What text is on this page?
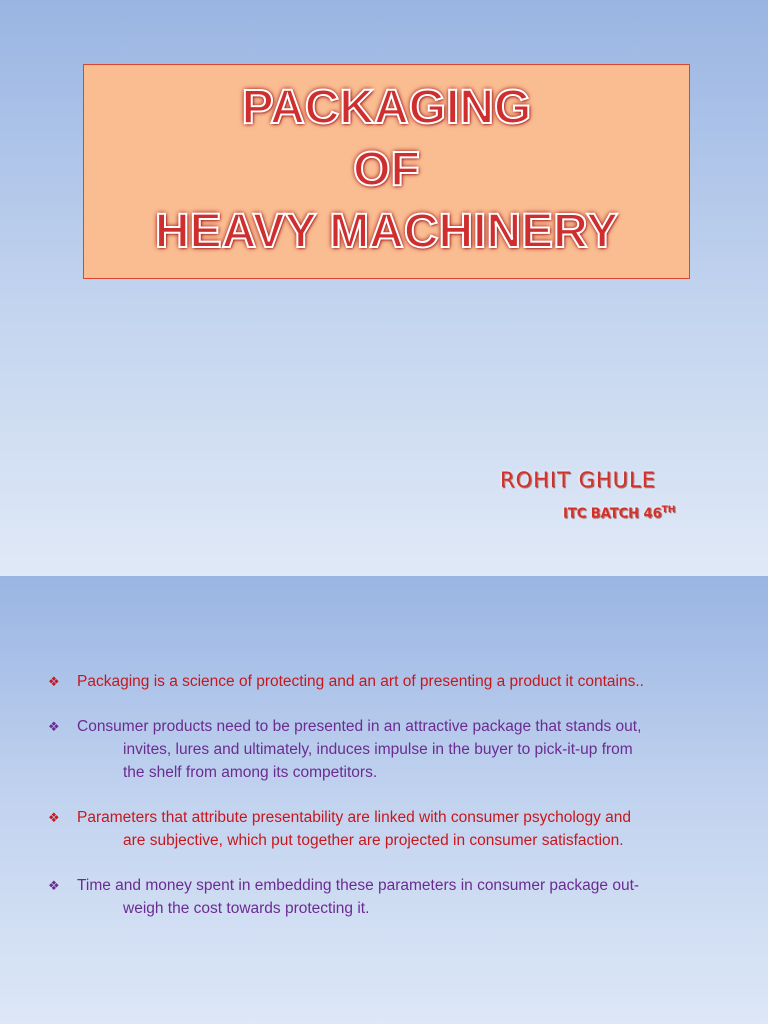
PACKAGING
OF
HEAVY MACHINERY
ROHIT GHULE
ITC BATCH 46TH
❖ Packaging is a science of protecting and an art of presenting a product it contains..
❖ Consumer products need to be presented in an attractive package that stands out,
invites, lures and ultimately, induces impulse in the buyer to pick-it-up from
the shelf from among its competitors.
❖ Parameters that attribute presentability are linked with consumer psychology and
are subjective, which put together are projected in consumer satisfaction.
❖ Time and money spent in embedding these parameters in consumer package out-
weigh the cost towards protecting it.
